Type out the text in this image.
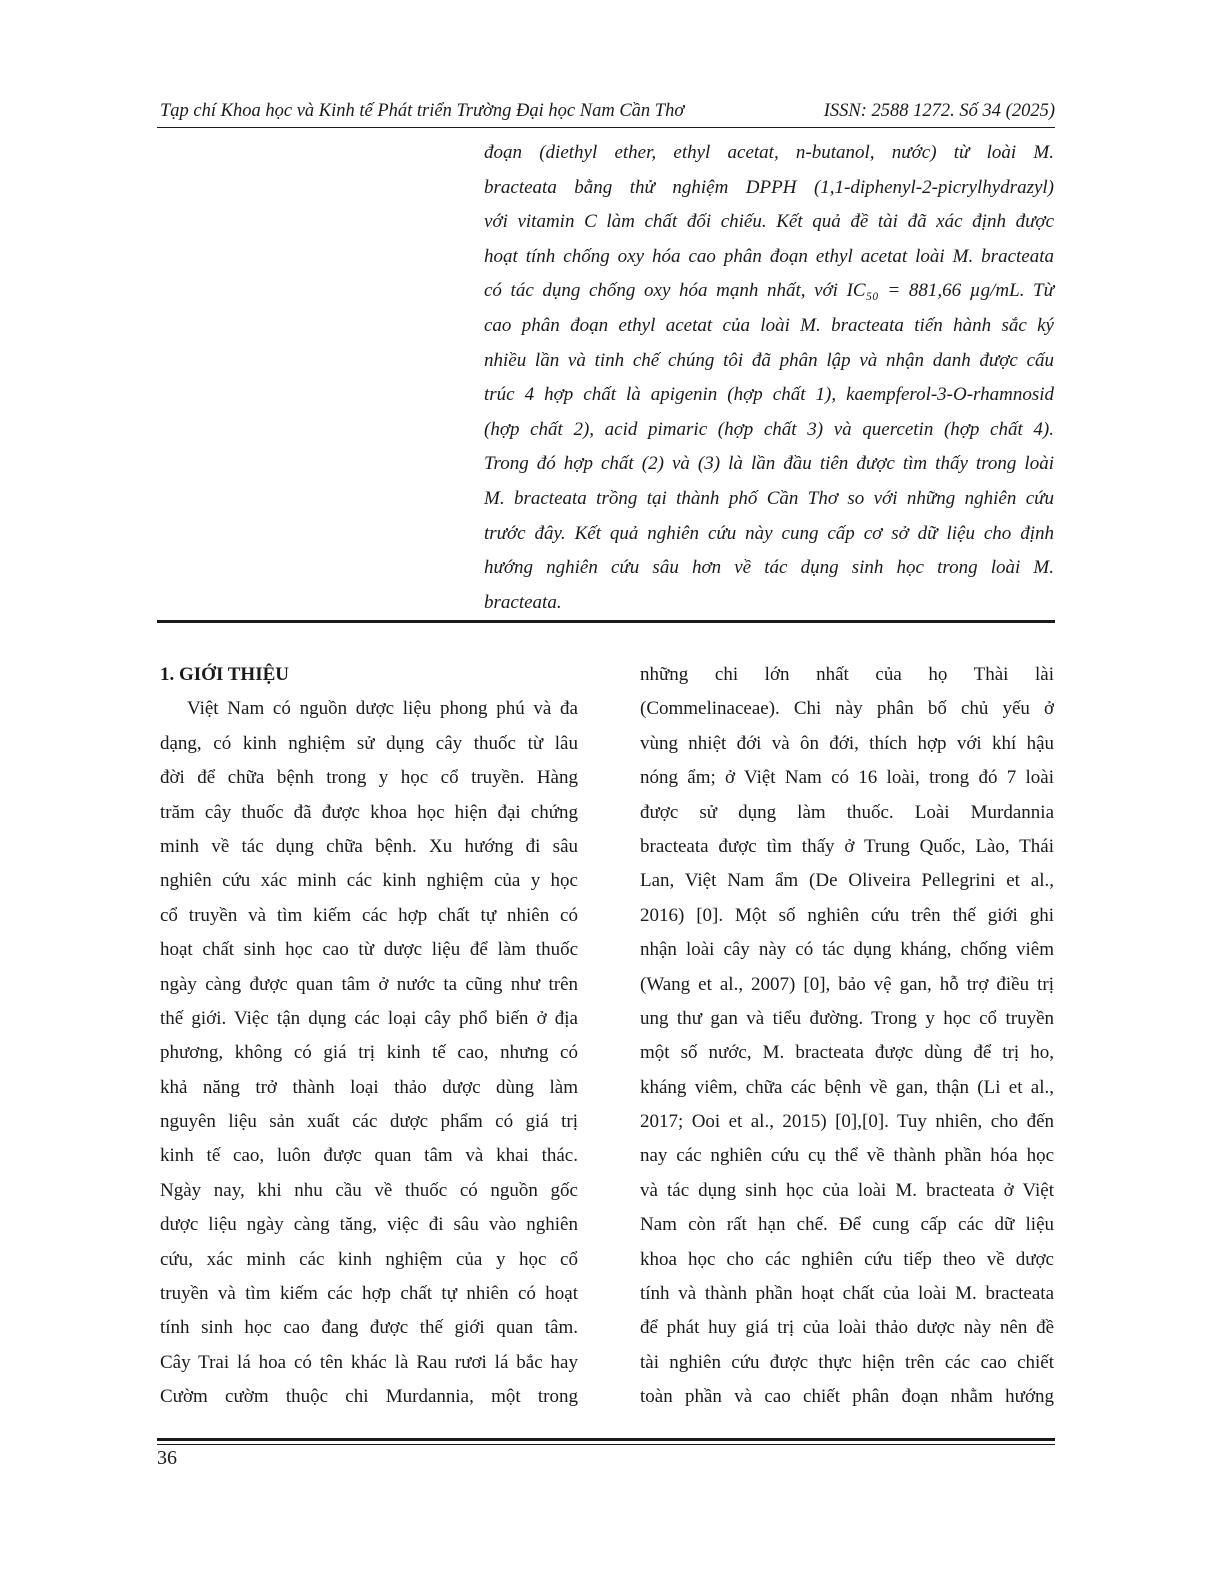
Tạp chí Khoa học và Kinh tế Phát triển Trường Đại học Nam Cần Thơ	ISSN: 2588 1272. Số 34 (2025)
đoạn (diethyl ether, ethyl acetat, n-butanol, nước) từ loài M.
bracteata bằng thử nghiệm DPPH (1,1-diphenyl-2-picrylhydrazyl)
với vitamin C làm chất đối chiếu. Kết quả đề tài đã xác định được
hoạt tính chống oxy hóa cao phân đoạn ethyl acetat loài M. bracteata
có tác dụng chống oxy hóa mạnh nhất, với IC₅₀ = 881,66 µg/mL. Từ
cao phân đoạn ethyl acetat của loài M. bracteata tiến hành sắc ký
nhiều lần và tinh chế chúng tôi đã phân lập và nhận danh được cấu
trúc 4 hợp chất là apigenin (hợp chất 1), kaempferol-3-O-rhamnosid
(hợp chất 2), acid pimaric (hợp chất 3) và quercetin (hợp chất 4).
Trong đó hợp chất (2) và (3) là lần đầu tiên được tìm thấy trong loài
M. bracteata trồng tại thành phố Cần Thơ so với những nghiên cứu
trước đây. Kết quả nghiên cứu này cung cấp cơ sở dữ liệu cho định
hướng nghiên cứu sâu hơn về tác dụng sinh học trong loài M.
bracteata.
1. GIỚI THIỆU
Việt Nam có nguồn dược liệu phong phú và đa
dạng, có kinh nghiệm sử dụng cây thuốc từ lâu
đời để chữa bệnh trong y học cổ truyền. Hàng
trăm cây thuốc đã được khoa học hiện đại chứng
minh về tác dụng chữa bệnh. Xu hướng đi sâu
nghiên cứu xác minh các kinh nghiệm của y học
cổ truyền và tìm kiếm các hợp chất tự nhiên có
hoạt chất sinh học cao từ dược liệu để làm thuốc
ngày càng được quan tâm ở nước ta cũng như trên
thế giới. Việc tận dụng các loại cây phổ biến ở địa
phương, không có giá trị kinh tế cao, nhưng có
khả năng trở thành loại thảo dược dùng làm
nguyên liệu sản xuất các dược phẩm có giá trị
kinh tế cao, luôn được quan tâm và khai thác.
Ngày nay, khi nhu cầu về thuốc có nguồn gốc
dược liệu ngày càng tăng, việc đi sâu vào nghiên
cứu, xác minh các kinh nghiệm của y học cổ
truyền và tìm kiếm các hợp chất tự nhiên có hoạt
tính sinh học cao đang được thế giới quan tâm.
Cây Trai lá hoa có tên khác là Rau rươi lá bắc hay
Cườm cườm thuộc chi Murdannia, một trong
những chi lớn nhất của họ Thài lài
(Commelinaceae). Chi này phân bố chủ yếu ở
vùng nhiệt đới và ôn đới, thích hợp với khí hậu
nóng ẩm; ở Việt Nam có 16 loài, trong đó 7 loài
được sử dụng làm thuốc. Loài Murdannia
bracteata được tìm thấy ở Trung Quốc, Lào, Thái
Lan, Việt Nam ẩm (De Oliveira Pellegrini et al.,
2016) [0]. Một số nghiên cứu trên thế giới ghi
nhận loài cây này có tác dụng kháng, chống viêm
(Wang et al., 2007) [0], bảo vệ gan, hỗ trợ điều trị
ung thư gan và tiểu đường. Trong y học cổ truyền
một số nước, M. bracteata được dùng để trị ho,
kháng viêm, chữa các bệnh về gan, thận (Li et al.,
2017; Ooi et al., 2015) [0],[0]. Tuy nhiên, cho đến
nay các nghiên cứu cụ thể về thành phần hóa học
và tác dụng sinh học của loài M. bracteata ở Việt
Nam còn rất hạn chế. Để cung cấp các dữ liệu
khoa học cho các nghiên cứu tiếp theo về dược
tính và thành phần hoạt chất của loài M. bracteata
để phát huy giá trị của loài thảo dược này nên đề
tài nghiên cứu được thực hiện trên các cao chiết
toàn phần và cao chiết phân đoạn nhằm hướng
36
